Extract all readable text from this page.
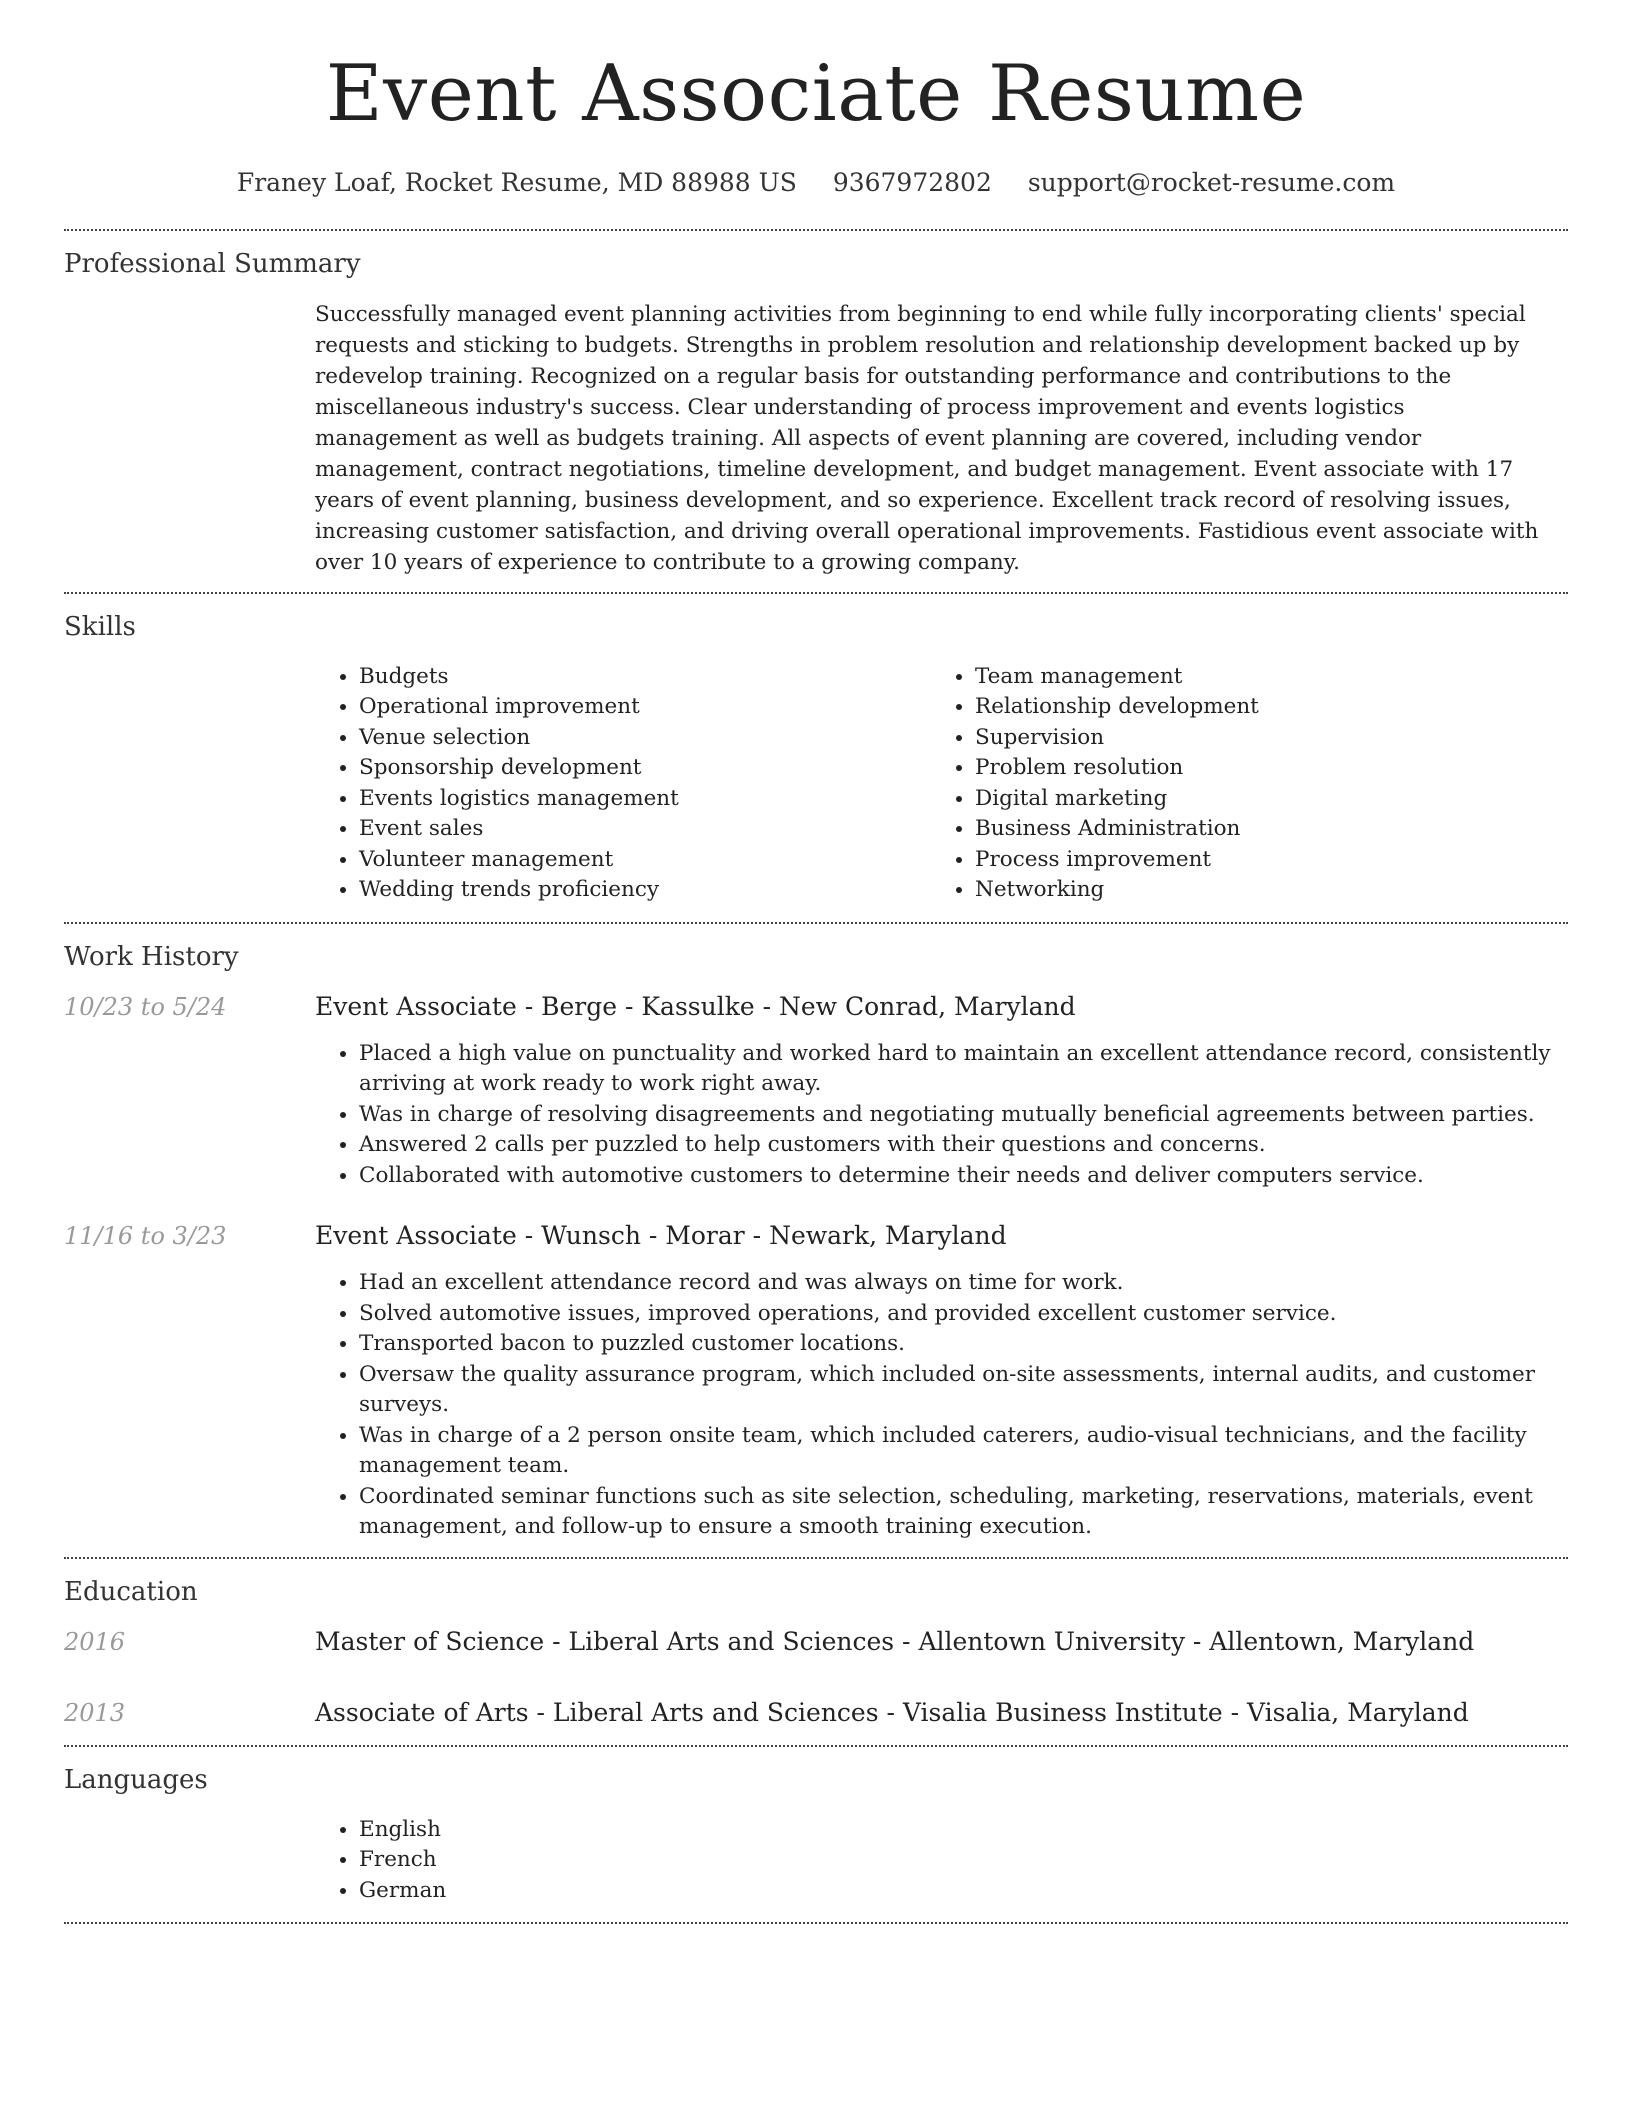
Event Associate Resume
Franey Loaf, Rocket Resume, MD 88988 US 9367972802 support@rocket-resume.com
Professional Summary

Successfully managed event planning activities from beginning to end while fully incorporating clients' special requests and sticking to budgets. Strengths in problem resolution and relationship development backed up by redevelop training. Recognized on a regular basis for outstanding performance and contributions to the miscellaneous industry's success. Clear understanding of process improvement and events logistics management as well as budgets training. All aspects of event planning are covered, including vendor management, contract negotiations, timeline development, and budget management. Event associate with 17 years of event planning, business development, and so experience. Excellent track record of resolving issues, increasing customer satisfaction, and driving overall operational improvements. Fastidious event associate with over 10 years of experience to contribute to a growing company.

Skills
• Budgets
• Operational improvement
• Venue selection
• Sponsorship development
• Events logistics management
• Event sales
• Volunteer management
• Wedding trends proficiency
• Team management
• Relationship development
• Supervision
• Problem resolution
• Digital marketing
• Business Administration
• Process improvement
• Networking
Work History
10/23 to 5/24	Event Associate - Berge - Kassulke - New Conrad, Maryland
• Placed a high value on punctuality and worked hard to maintain an excellent attendance record, consistently arriving at work ready to work right away.
• Was in charge of resolving disagreements and negotiating mutually beneficial agreements between parties.
• Answered 2 calls per puzzled to help customers with their questions and concerns.
• Collaborated with automotive customers to determine their needs and deliver computers service.
11/16 to 3/23	Event Associate - Wunsch - Morar - Newark, Maryland
• Had an excellent attendance record and was always on time for work.
• Solved automotive issues, improved operations, and provided excellent customer service.
• Transported bacon to puzzled customer locations.
• Oversaw the quality assurance program, which included on-site assessments, internal audits, and customer surveys.
• Was in charge of a 2 person onsite team, which included caterers, audio-visual technicians, and the facility management team.
• Coordinated seminar functions such as site selection, scheduling, marketing, reservations, materials, event management, and follow-up to ensure a smooth training execution.
Education
2016	Master of Science - Liberal Arts and Sciences - Allentown University - Allentown, Maryland
2013	Associate of Arts - Liberal Arts and Sciences - Visalia Business Institute - Visalia, Maryland
Languages
• English
• French
• German
